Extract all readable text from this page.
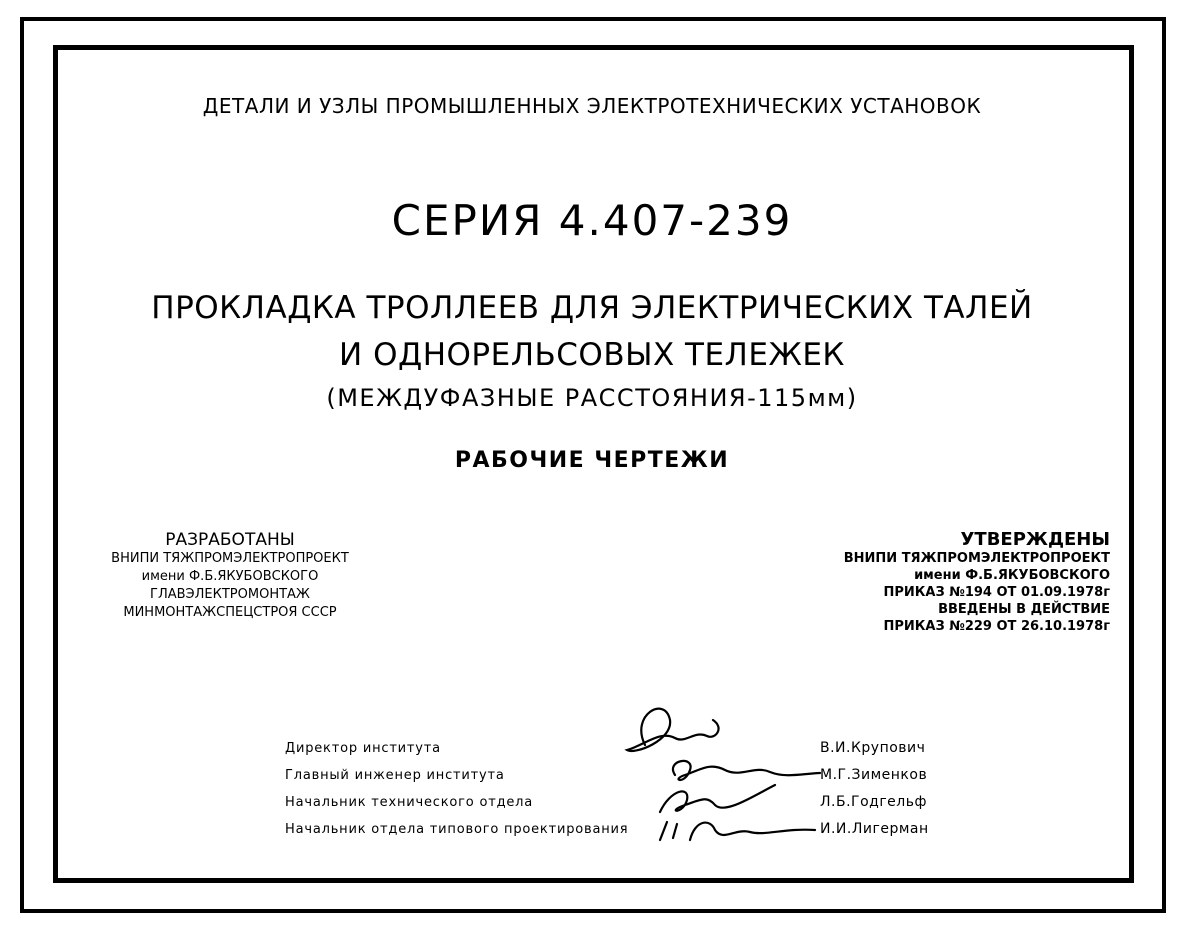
ДЕТАЛИ И УЗЛЫ ПРОМЫШЛЕННЫХ ЭЛЕКТРОТЕХНИЧЕСКИХ УСТАНОВОК
СЕРИЯ 4.407-239
ПРОКЛАДКА ТРОЛЛЕЕВ ДЛЯ ЭЛЕКТРИЧЕСКИХ ТАЛЕЙ
И ОДНОРЕЛЬСОВЫХ ТЕЛЕЖЕК
(МЕЖДУФАЗНЫЕ РАССТОЯНИЯ-115мм)
РАБОЧИЕ ЧЕРТЕЖИ
РАЗРАБОТАНЫ
ВНИПИ ТЯЖПРОМЭЛЕКТРОПРОЕКТ
имени Ф.Б.ЯКУБОВСКОГО
ГЛАВЭЛЕКТРОМОНТАЖ
МИНМОНТАЖСПЕЦСТРОЯ СССР
УТВЕРЖДЕНЫ
ВНИПИ ТЯЖПРОМЭЛЕКТРОПРОЕКТ
имени Ф.Б.ЯКУБОВСКОГО
ПРИКАЗ №194 ОТ 01.09.1978г
ВВЕДЕНЫ В ДЕЙСТВИЕ
ПРИКАЗ №229 ОТ 26.10.1978г
Директор института
Главный инженер института
Начальник технического отдела
Начальник отдела типового проектирования
В.И.Крупович
М.Г.Зименков
Л.Б.Годгельф
И.И.Лигерман
